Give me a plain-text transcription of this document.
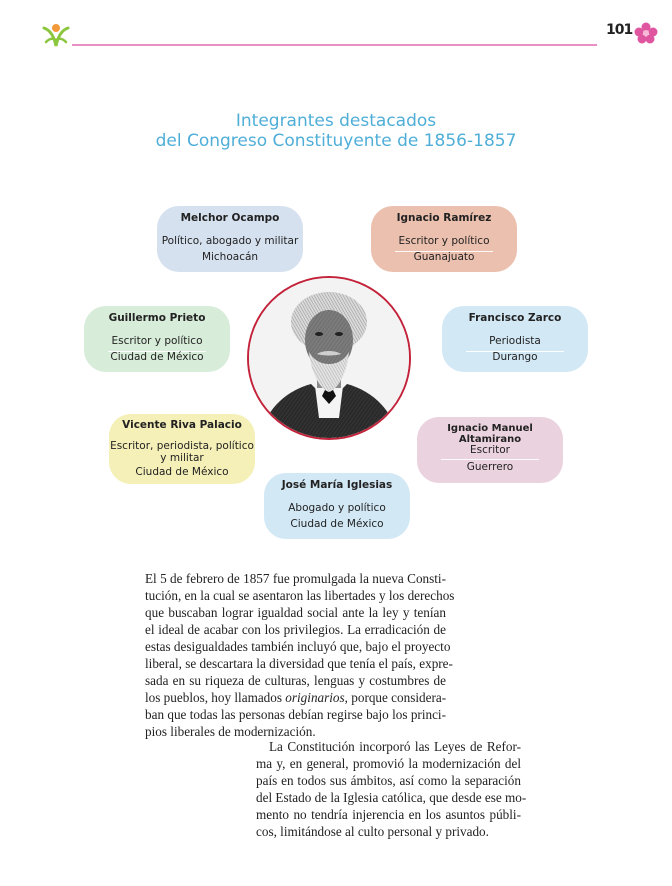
101
Integrantes destacados
del Congreso Constituyente de 1856-1857
Melchor Ocampo
Político, abogado y militar
Michoacán
Ignacio Ramírez
Escritor y político
Guanajuato
Guillermo Prieto
Escritor y político
Ciudad de México
Francisco Zarco
Periodista
Durango
Vicente Riva Palacio
Escritor, periodista, político
y militar
Ciudad de México
Ignacio Manuel Altamirano
Escritor
Guerrero
José María Iglesias
Abogado y político
Ciudad de México
El 5 de febrero de 1857 fue promulgada la nueva Consti-
tución, en la cual se asentaron las libertades y los derechos
que buscaban lograr igualdad social ante la ley y tenían
el ideal de acabar con los privilegios. La erradicación de
estas desigualdades también incluyó que, bajo el proyecto
liberal, se descartara la diversidad que tenía el país, expre-
sada en su riqueza de culturas, lenguas y costumbres de
los pueblos, hoy llamados originarios, porque considera-
ban que todas las personas debían regirse bajo los princi-
pios liberales de modernización.
La Constitución incorporó las Leyes de Refor-
ma y, en general, promovió la modernización del
país en todos sus ámbitos, así como la separación
del Estado de la Iglesia católica, que desde ese mo-
mento no tendría injerencia en los asuntos públi-
cos, limitándose al culto personal y privado.
